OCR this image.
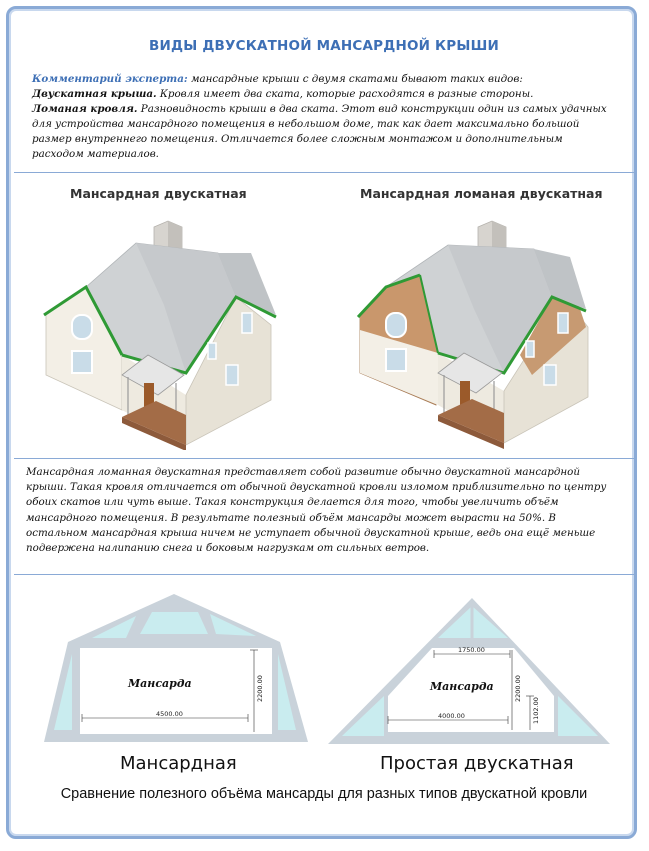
ВИДЫ ДВУСКАТНОЙ МАНСАРДНОЙ КРЫШИ
Комментарий эксперта: мансардные крыши с двумя скатами бывают таких видов:
Двускатная крыша. Кровля имеет два ската, которые расходятся в разные стороны.
Ломаная кровля. Разновидность крыши в два ската. Этот вид конструкции один из самых удачных для устройства мансардного помещения в небольшом доме, так как дает максимально большой размер внутреннего помещения. Отличается более сложным монтажом и дополнительным расходом материалов.
Мансардная двускатная	Мансардная ломаная двускатная
Мансардная ломанная двускатная представляет собой развитие обычно двускатной мансардной крыши. Такая кровля отличается от обычной двускатной кровли изломом приблизительно по центру обоих скатов или чуть выше. Такая конструкция делается для того, чтобы увеличить объём мансардного помещения. В результате полезный объём мансарды может вырасти на 50%. В остальном мансардная крыша ничем не уступает обычной двускатной крыше, ведь она ещё меньше подвержена налипанию снега и боковым нагрузкам от сильных ветров.
Мансарда
4500.00
2200.00	Мансарда
1750.00
4000.00
2200.00
1102.00
Мансардная	Простая двускатная
Сравнение полезного объёма мансарды для разных типов двускатной кровли
